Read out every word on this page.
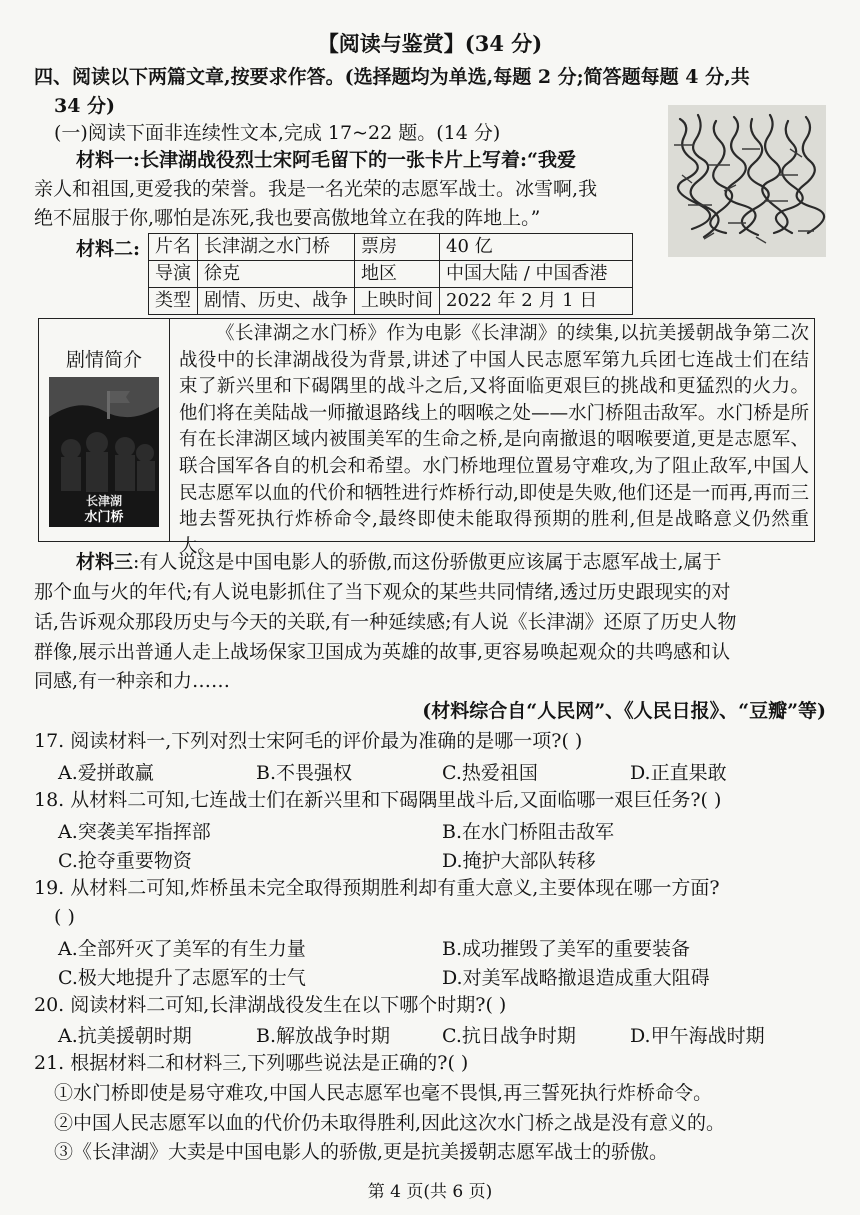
【阅读与鉴赏】(34 分)
四、阅读以下两篇文章,按要求作答。(选择题均为单选,每题 2 分;简答题每题 4 分,共
34 分)
(一)阅读下面非连续性文本,完成 17~22 题。(14 分)
材料一:长津湖战役烈士宋阿毛留下的一张卡片上写着:“我爱
亲人和祖国,更爱我的荣誉。我是一名光荣的志愿军战士。冰雪啊,我
绝不屈服于你,哪怕是冻死,我也要高傲地耸立在我的阵地上。”
材料二: 片名	长津湖之水门桥	票房	40 亿
导演	徐克	地区	中国大陆 / 中国香港
类型	剧情、历史、战争	上映时间	2022 年 2 月 1 日
剧情简介
长津湖
水门桥

《长津湖之水门桥》作为电影《长津湖》的续集,以抗美援朝战争第二次战役中的长津湖战役为背景,讲述了中国人民志愿军第九兵团七连战士们在结束了新兴里和下碣隅里的战斗之后,又将面临更艰巨的挑战和更猛烈的火力。他们将在美陆战一师撤退路线上的咽喉之处——水门桥阻击敌军。水门桥是所有在长津湖区域内被围美军的生命之桥,是向南撤退的咽喉要道,更是志愿军、联合国军各自的机会和希望。水门桥地理位置易守难攻,为了阻止敌军,中国人民志愿军以血的代价和牺牲进行炸桥行动,即使是失败,他们还是一而再,再而三地去誓死执行炸桥命令,最终即使未能取得预期的胜利,但是战略意义仍然重大。

材料三:有人说这是中国电影人的骄傲,而这份骄傲更应该属于志愿军战士,属于
那个血与火的年代;有人说电影抓住了当下观众的某些共同情绪,透过历史跟现实的对
话,告诉观众那段历史与今天的关联,有一种延续感;有人说《长津湖》还原了历史人物
群像,展示出普通人走上战场保家卫国成为英雄的故事,更容易唤起观众的共鸣感和认
同感,有一种亲和力……
(材料综合自“人民网”、《人民日报》、“豆瓣”等)
17. 阅读材料一,下列对烈士宋阿毛的评价最为准确的是哪一项?( )
A.爱拼敢赢	B.不畏强权	C.热爱祖国	D.正直果敢
18. 从材料二可知,七连战士们在新兴里和下碣隅里战斗后,又面临哪一艰巨任务?( )
A.突袭美军指挥部	B.在水门桥阻击敌军
C.抢夺重要物资	D.掩护大部队转移
19. 从材料二可知,炸桥虽未完全取得预期胜利却有重大意义,主要体现在哪一方面?
( )
A.全部歼灭了美军的有生力量	B.成功摧毁了美军的重要装备
C.极大地提升了志愿军的士气	D.对美军战略撤退造成重大阻碍
20. 阅读材料二可知,长津湖战役发生在以下哪个时期?( )
A.抗美援朝时期	B.解放战争时期	C.抗日战争时期	D.甲午海战时期
21. 根据材料二和材料三,下列哪些说法是正确的?( )
①水门桥即使是易守难攻,中国人民志愿军也毫不畏惧,再三誓死执行炸桥命令。
②中国人民志愿军以血的代价仍未取得胜利,因此这次水门桥之战是没有意义的。
③《长津湖》大卖是中国电影人的骄傲,更是抗美援朝志愿军战士的骄傲。
第 4 页(共 6 页)
